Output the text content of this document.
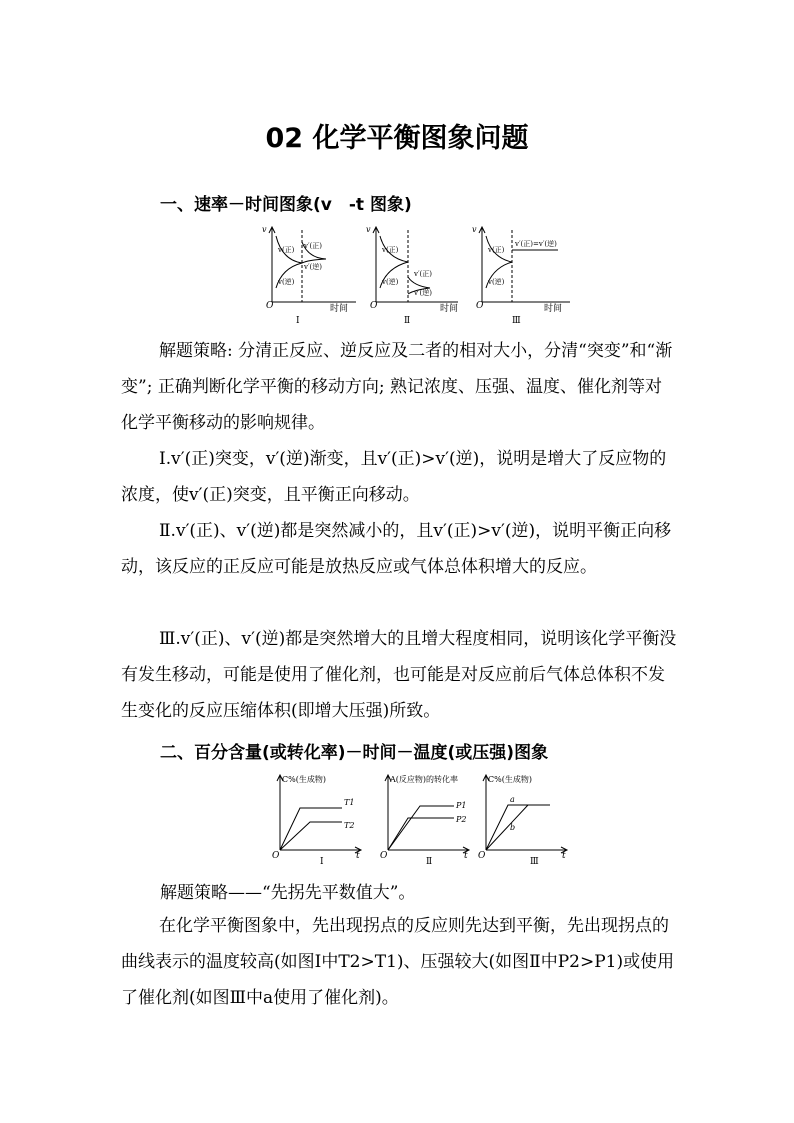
02 化学平衡图象问题
一、速率－时间图象(v　-t 图象)
v	v	v
v(正)
v(逆)
v′(正)
v′(逆)
v(正)
v(逆)
v′(正)
v′(逆)
v(正)
v(逆)
v′(正)=v′(逆)
O	O	O
时间	时间	时间
Ⅰ	Ⅱ	Ⅲ

解题策略: 分清正反应、逆反应及二者的相对大小，分清“突变”和“渐变”; 正确判断化学平衡的移动方向; 熟记浓度、压强、温度、催化剂等对化学平衡移动的影响规律。

Ⅰ.v′(正)突变，v′(逆)渐变，且v′(正)>v′(逆)，说明是增大了反应物的浓度，使v′(正)突变，且平衡正向移动。

Ⅱ.v′(正)、v′(逆)都是突然减小的，且v′(正)>v′(逆)，说明平衡正向移动，该反应的正反应可能是放热反应或气体总体积增大的反应。

Ⅲ.v′(正)、v′(逆)都是突然增大的且增大程度相同，说明该化学平衡没有发生移动，可能是使用了催化剂，也可能是对反应前后气体总体积不发生变化的反应压缩体积(即增大压强)所致。

二、百分含量(或转化率)－时间－温度(或压强)图象
C%(生成物)	A(反应物)的转化率	C%(生成物)
T1
T2
P1
P2
a
b
O	O	O
t	t	t
Ⅰ	Ⅱ	Ⅲ
解题策略——“先拐先平数值大”。

在化学平衡图象中，先出现拐点的反应则先达到平衡，先出现拐点的曲线表示的温度较高(如图Ⅰ中T2>T1)、压强较大(如图Ⅱ中P2>P1)或使用了催化剂(如图Ⅲ中a使用了催化剂)。
